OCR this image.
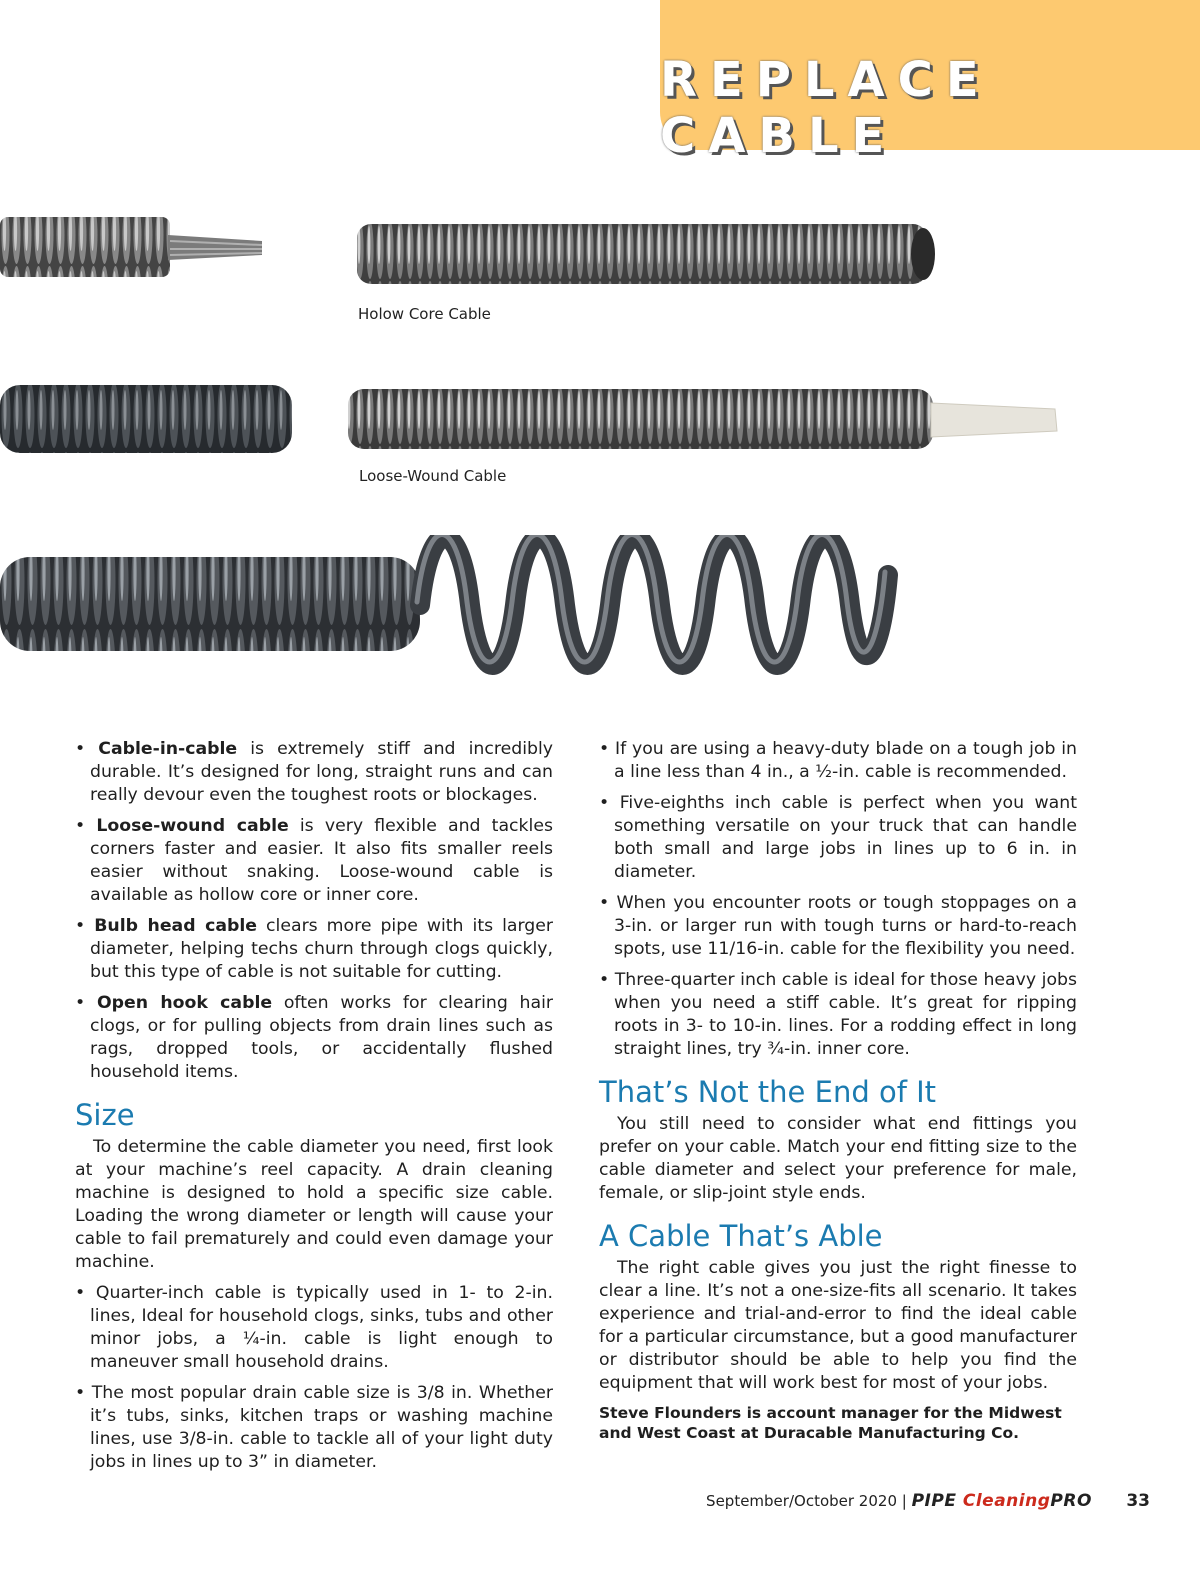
REPLACE CABLE

Holow Core Cable

Loose-Wound Cable

• Cable-in-cable is extremely stiff and incredibly durable. It’s designed for long, straight runs and can really devour even the toughest roots or blockages.

• Loose-wound cable is very flexible and tackles corners faster and easier. It also fits smaller reels easier without snaking. Loose-wound cable is available as hollow core or inner core.

• Bulb head cable clears more pipe with its larger diameter, helping techs churn through clogs quickly, but this type of cable is not suitable for cutting.

• Open hook cable often works for clearing hair clogs, or for pulling objects from drain lines such as rags, dropped tools, or accidentally flushed household items.

Size

To determine the cable diameter you need, first look at your machine’s reel capacity. A drain cleaning machine is designed to hold a specific size cable. Loading the wrong diameter or length will cause your cable to fail prematurely and could even damage your machine.

• Quarter-inch cable is typically used in 1- to 2-in. lines, Ideal for household clogs, sinks, tubs and other minor jobs, a ¼-in. cable is light enough to maneuver small household drains.

• The most popular drain cable size is 3/8 in. Whether it’s tubs, sinks, kitchen traps or washing machine lines, use 3/8-in. cable to tackle all of your light duty jobs in lines up to 3” in diameter.

• If you are using a heavy-duty blade on a tough job in a line less than 4 in., a ½-in. cable is recommended.

• Five-eighths inch cable is perfect when you want something versatile on your truck that can handle both small and large jobs in lines up to 6 in. in diameter.

• When you encounter roots or tough stoppages on a 3-in. or larger run with tough turns or hard-to-reach spots, use 11/16-in. cable for the flexibility you need.

• Three-quarter inch cable is ideal for those heavy jobs when you need a stiff cable. It’s great for ripping roots in 3- to 10-in. lines. For a rodding effect in long straight lines, try ¾-in. inner core.

That’s Not the End of It

You still need to consider what end fittings you prefer on your cable. Match your end fitting size to the cable diameter and select your preference for male, female, or slip-joint style ends.

A Cable That’s Able

The right cable gives you just the right finesse to clear a line. It’s not a one-size-fits all scenario. It takes experience and trial-and-error to find the ideal cable for a particular circumstance, but a good manufacturer or distributor should be able to help you find the equipment that will work best for most of your jobs.

Steve Flounders is account manager for the Midwest and West Coast at Duracable Manufacturing Co.

September/October 2020 | PIPE CleaningPRO 33
